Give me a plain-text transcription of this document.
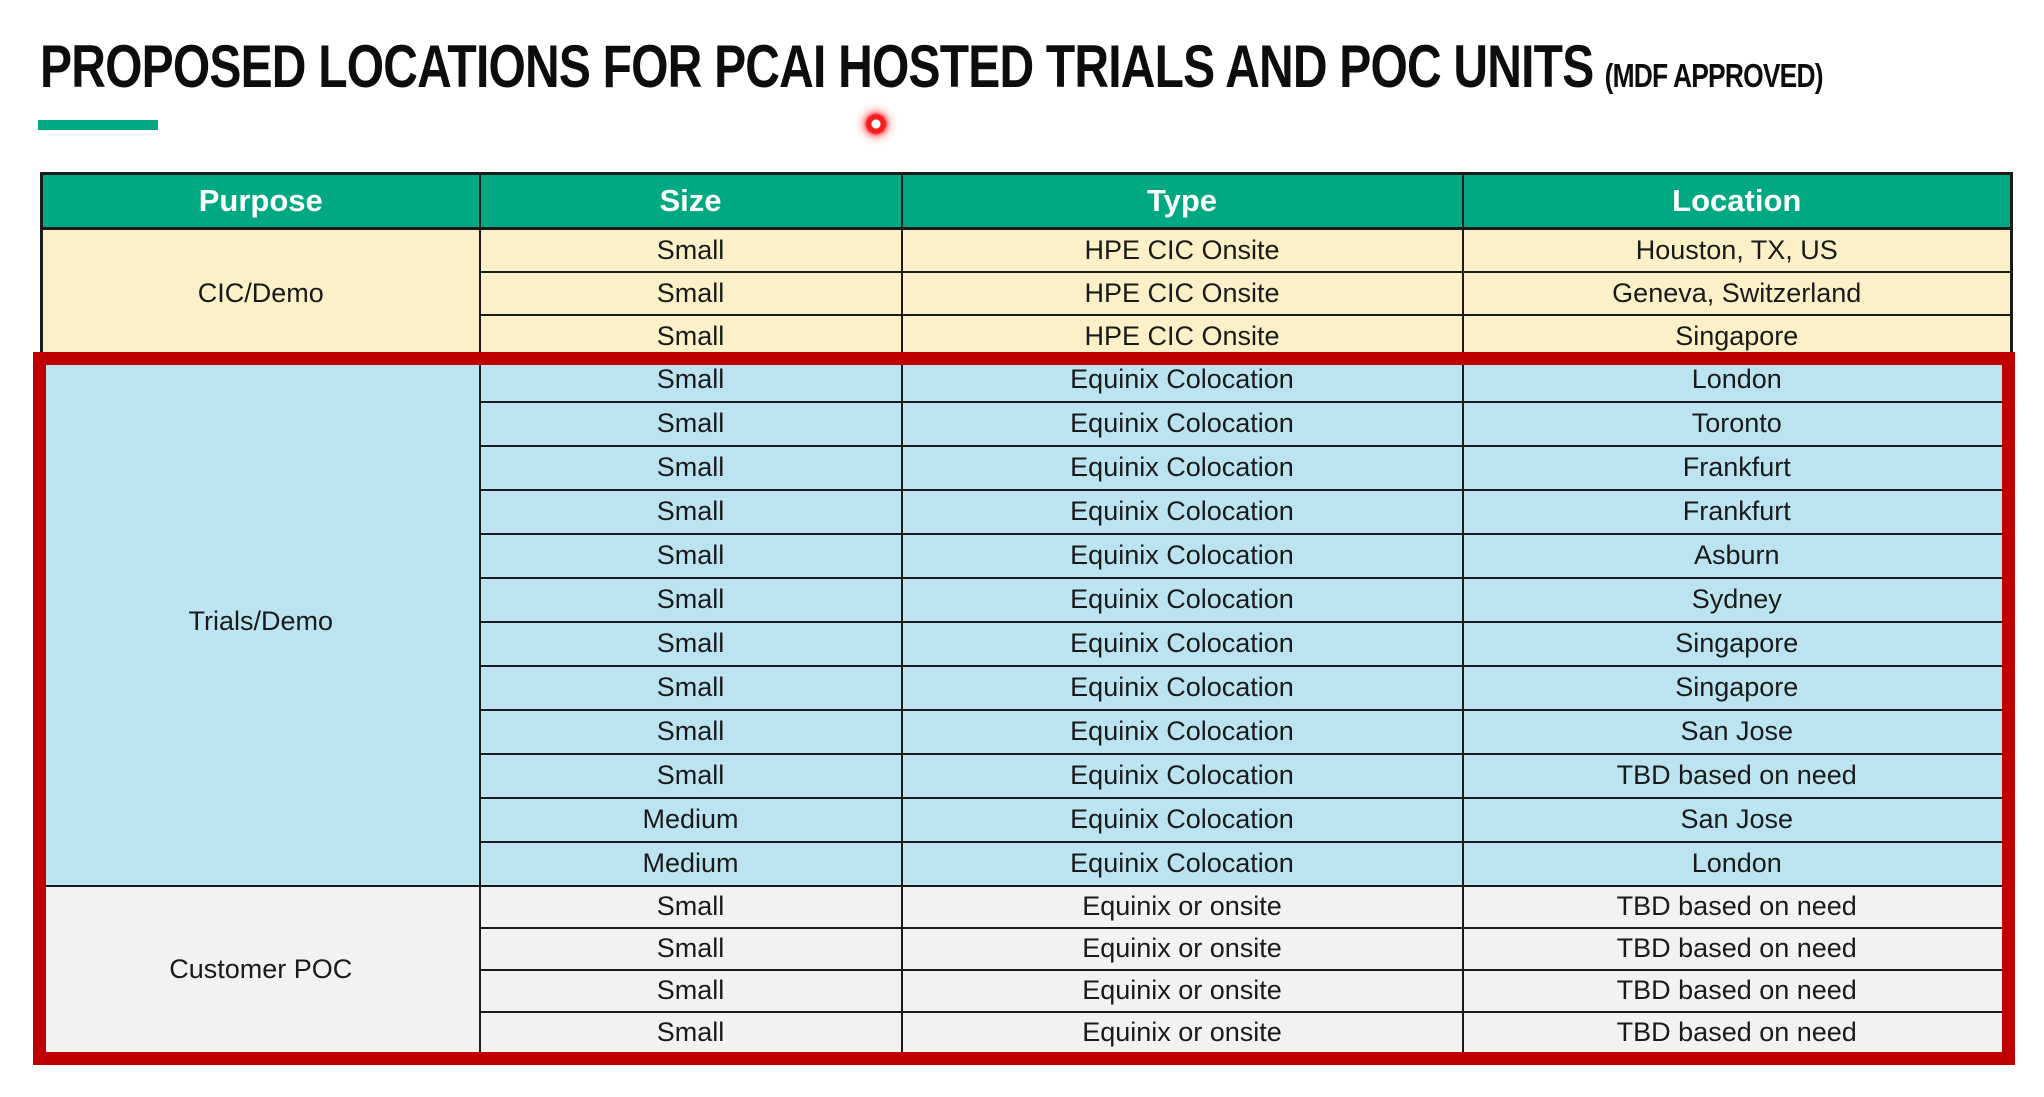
PROPOSED LOCATIONS FOR PCAI HOSTED TRIALS AND POC UNITS (MDF APPROVED)
Purpose	Size	Type	Location
CIC/Demo	Small	HPE CIC Onsite	Houston, TX, US
	Small	HPE CIC Onsite	Geneva, Switzerland
	Small	HPE CIC Onsite	Singapore
Trials/Demo	Small	Equinix Colocation	London
	Small	Equinix Colocation	Toronto
	Small	Equinix Colocation	Frankfurt
	Small	Equinix Colocation	Frankfurt
	Small	Equinix Colocation	Asburn
	Small	Equinix Colocation	Sydney
	Small	Equinix Colocation	Singapore
	Small	Equinix Colocation	Singapore
	Small	Equinix Colocation	San Jose
	Small	Equinix Colocation	TBD based on need
	Medium	Equinix Colocation	San Jose
	Medium	Equinix Colocation	London
Customer POC	Small	Equinix or onsite	TBD based on need
	Small	Equinix or onsite	TBD based on need
	Small	Equinix or onsite	TBD based on need
	Small	Equinix or onsite	TBD based on need
